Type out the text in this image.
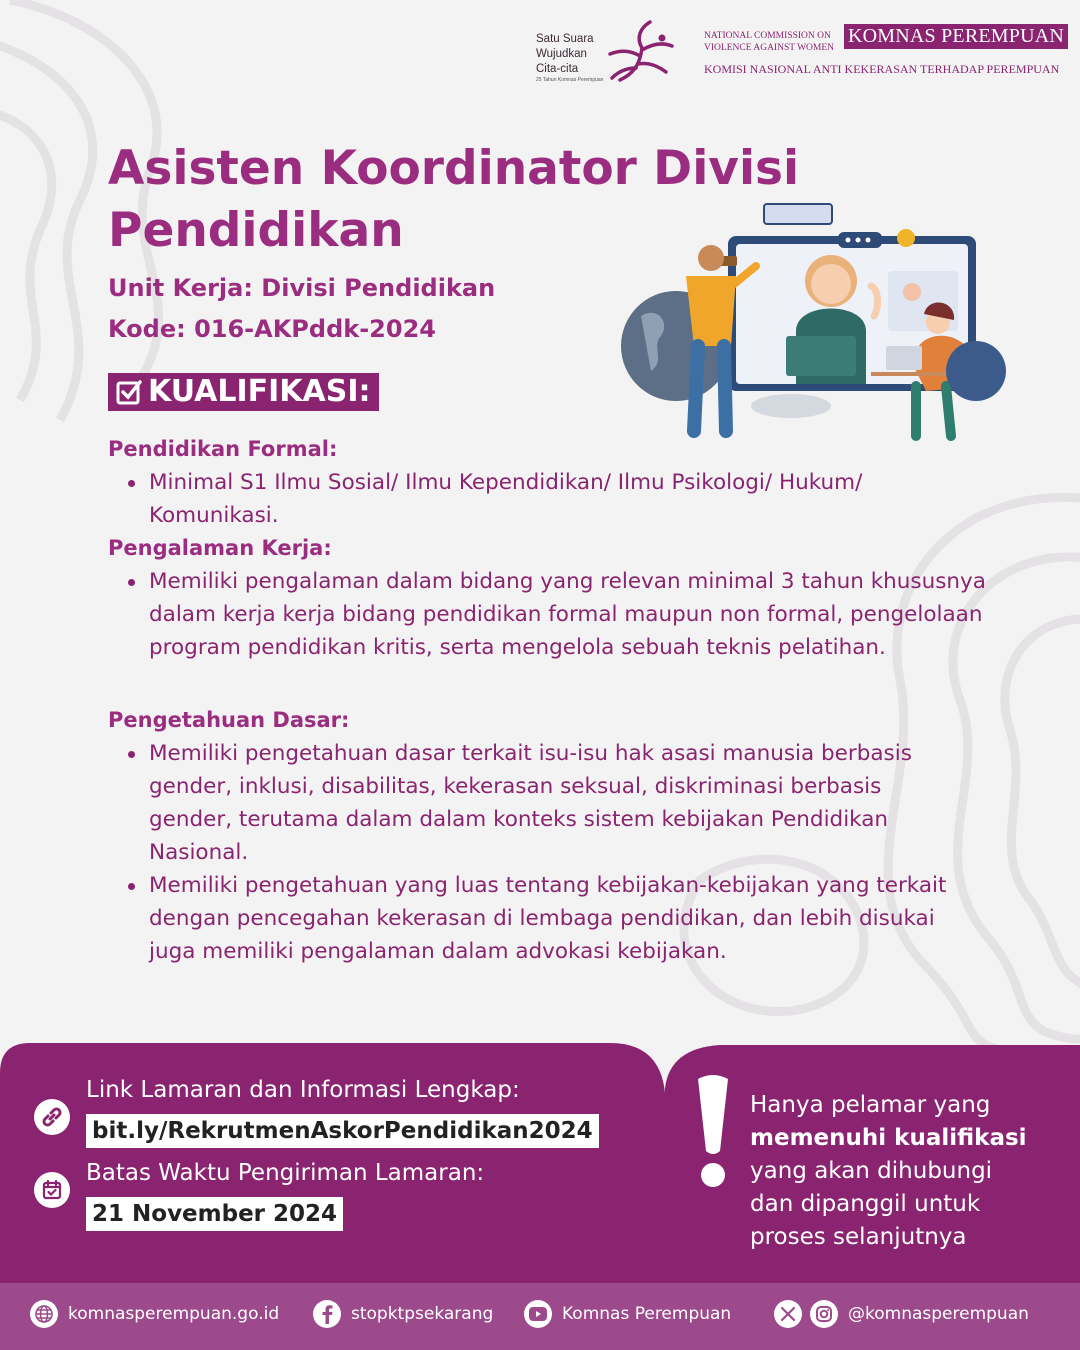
Satu Suara
Wujudkan
Cita-cita
25 Tahun Komnas Perempuan
NATIONAL COMMISSION ON
VIOLENCE AGAINST WOMEN
KOMNAS PEREMPUAN
KOMISI NASIONAL ANTI KEKERASAN TERHADAP PEREMPUAN
Asisten Koordinator Divisi Pendidikan
Unit Kerja: Divisi Pendidikan
Kode: 016-AKPddk-2024
KUALIFIKASI:
Pendidikan Formal:
Minimal S1 Ilmu Sosial/ Ilmu Kependidikan/ Ilmu Psikologi/ Hukum/ Komunikasi.
Pengalaman Kerja:
Memiliki pengalaman dalam bidang yang relevan minimal 3 tahun khususnya dalam kerja kerja bidang pendidikan formal maupun non formal, pengelolaan program pendidikan kritis, serta mengelola sebuah teknis pelatihan.
Pengetahuan Dasar:
Memiliki pengetahuan dasar terkait isu-isu hak asasi manusia berbasis gender, inklusi, disabilitas, kekerasan seksual, diskriminasi berbasis gender, terutama dalam dalam konteks sistem kebijakan Pendidikan Nasional.
Memiliki pengetahuan yang luas tentang kebijakan-kebijakan yang terkait dengan pencegahan kekerasan di lembaga pendidikan, dan lebih disukai juga memiliki pengalaman dalam advokasi kebijakan.
Link Lamaran dan Informasi Lengkap:
bit.ly/RekrutmenAskorPendidikan2024
Batas Waktu Pengiriman Lamaran:
21 November 2024
Hanya pelamar yang
memenuhi kualifikasi
yang akan dihubungi
dan dipanggil untuk
proses selanjutnya
komnasperempuan.go.id	stopktpsekarang	Komnas Perempuan	@komnasperempuan
